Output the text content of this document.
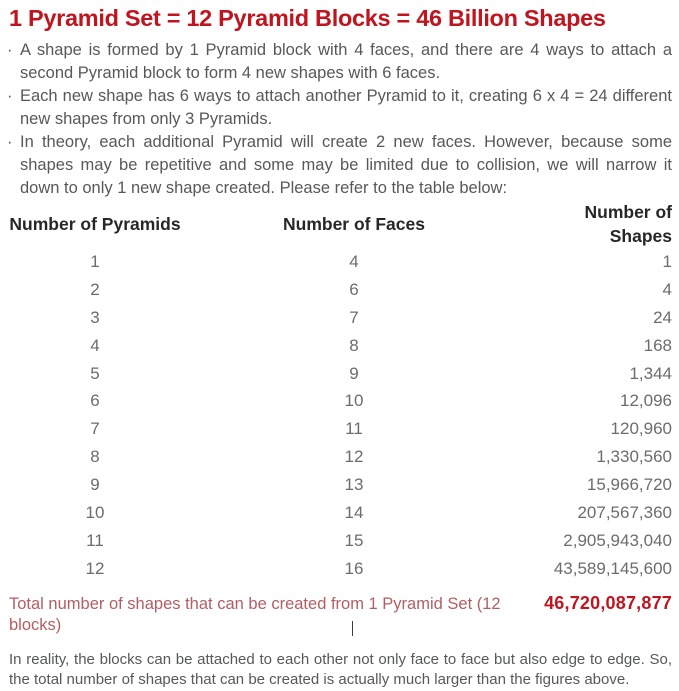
1 Pyramid Set = 12 Pyramid Blocks = 46 Billion Shapes
· A shape is formed by 1 Pyramid block with 4 faces, and there are 4 ways to attach a second Pyramid block to form 4 new shapes with 6 faces.
· Each new shape has 6 ways to attach another Pyramid to it, creating 6 x 4 = 24 different new shapes from only 3 Pyramids.
· In theory, each additional Pyramid will create 2 new faces. However, because some shapes may be repetitive and some may be limited due to collision, we will narrow it down to only 1 new shape created. Please refer to the table below:
Number of Pyramids	Number of Faces	Number of Shapes
1	4	1
2	6	4
3	7	24
4	8	168
5	9	1,344
6	10	12,096
7	11	120,960
8	12	1,330,560
9	13	15,966,720
10	14	207,567,360
11	15	2,905,943,040
12	16	43,589,145,600
Total number of shapes that can be created from 1 Pyramid Set (12 blocks)
46,720,087,877

In reality, the blocks can be attached to each other not only face to face but also edge to edge. So, the total number of shapes that can be created is actually much larger than the figures above.
